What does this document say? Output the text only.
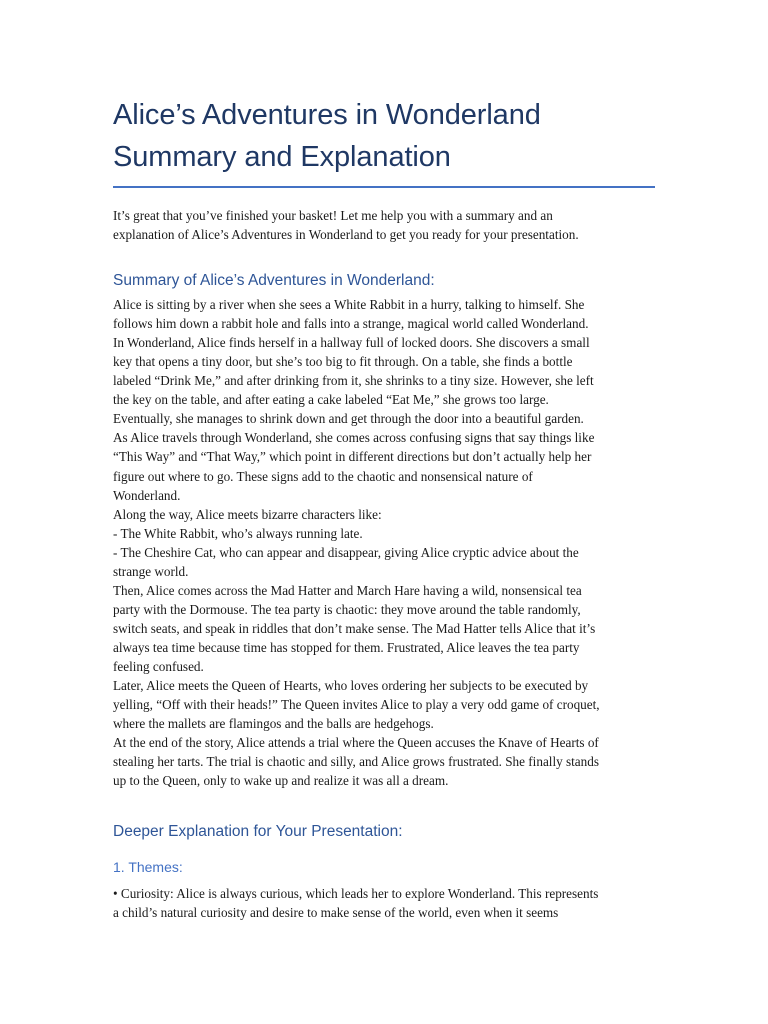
Alice’s Adventures in Wonderland
Summary and Explanation

It’s great that you’ve finished your basket! Let me help you with a summary and an
explanation of Alice’s Adventures in Wonderland to get you ready for your presentation.

Summary of Alice’s Adventures in Wonderland:

Alice is sitting by a river when she sees a White Rabbit in a hurry, talking to himself. She
follows him down a rabbit hole and falls into a strange, magical world called Wonderland.
In Wonderland, Alice finds herself in a hallway full of locked doors. She discovers a small
key that opens a tiny door, but she’s too big to fit through. On a table, she finds a bottle
labeled “Drink Me,” and after drinking from it, she shrinks to a tiny size. However, she left
the key on the table, and after eating a cake labeled “Eat Me,” she grows too large.
Eventually, she manages to shrink down and get through the door into a beautiful garden.
As Alice travels through Wonderland, she comes across confusing signs that say things like
“This Way” and “That Way,” which point in different directions but don’t actually help her
figure out where to go. These signs add to the chaotic and nonsensical nature of
Wonderland.
Along the way, Alice meets bizarre characters like:
- The White Rabbit, who’s always running late.
- The Cheshire Cat, who can appear and disappear, giving Alice cryptic advice about the
strange world.
Then, Alice comes across the Mad Hatter and March Hare having a wild, nonsensical tea
party with the Dormouse. The tea party is chaotic: they move around the table randomly,
switch seats, and speak in riddles that don’t make sense. The Mad Hatter tells Alice that it’s
always tea time because time has stopped for them. Frustrated, Alice leaves the tea party
feeling confused.
Later, Alice meets the Queen of Hearts, who loves ordering her subjects to be executed by
yelling, “Off with their heads!” The Queen invites Alice to play a very odd game of croquet,
where the mallets are flamingos and the balls are hedgehogs.
At the end of the story, Alice attends a trial where the Queen accuses the Knave of Hearts of
stealing her tarts. The trial is chaotic and silly, and Alice grows frustrated. She finally stands
up to the Queen, only to wake up and realize it was all a dream.

Deeper Explanation for Your Presentation:
1. Themes:

• Curiosity: Alice is always curious, which leads her to explore Wonderland. This represents
a child’s natural curiosity and desire to make sense of the world, even when it seems
